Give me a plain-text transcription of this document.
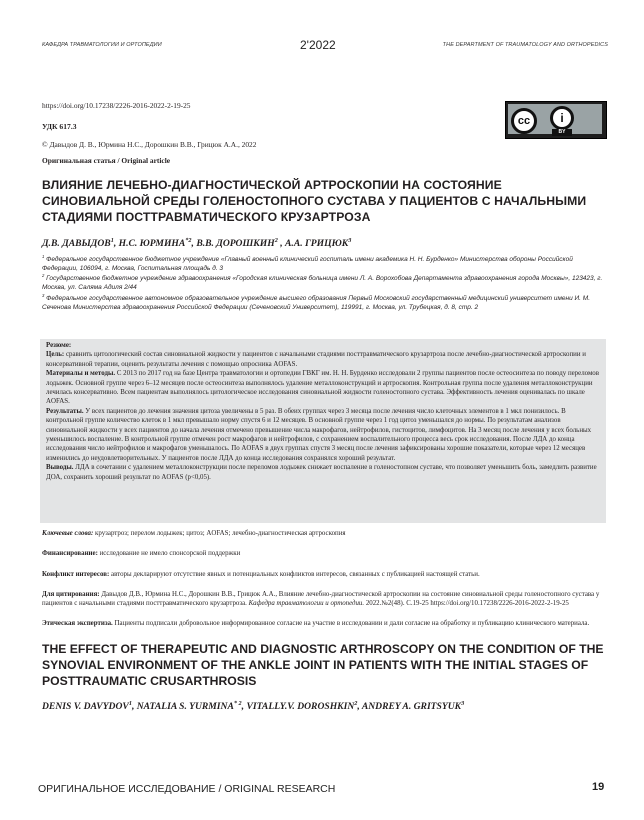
КАФЕДРА ТРАВМАТОЛОГИИ И ОРТОПЕДИИ	2'2022	THE DEPARTMENT OF TRAUMATOLOGY AND ORTHOPEDICS
https://doi.org/10.17238/2226-2016-2022-2-19-25
УДК 617.3
© Давыдов Д. В., Юрмина Н.С., Дорошкин В.В., Грицюк А.А., 2022
Оригинальная статья / Original article
cc	i
BY
ВЛИЯНИЕ ЛЕЧЕБНО-ДИАГНОСТИЧЕСКОЙ АРТРОСКОПИИ НА СОСТОЯНИЕ СИНОВИАЛЬНОЙ СРЕДЫ ГОЛЕНОСТОПНОГО СУСТАВА У ПАЦИЕНТОВ С НАЧАЛЬНЫМИ СТАДИЯМИ ПОСТТРАВМАТИЧЕСКОГО КРУЗАРТРОЗА
Д.В. ДАВЫДОВ$^1$, Н.С. ЮРМИНА$^{*2}$, В.В. ДОРОШКИН$^2$ , А.А. ГРИЦЮК$^3$
$^1$ Федеральное государственное бюджетное учреждение «Главный военный клинический госпиталь имени академика Н. Н. Бурденко» Министерства обороны Российской Федерации, 106094, г. Москва, Госпитальная площадь д. 3
$^2$ Государственное бюджетное учреждение здравоохранения «Городская клиническая больница имени Л. А. Ворохобова Департамента здравоохранения города Москвы», 123423, г. Москва, ул. Саляма Адиля 2/44
$^3$ Федеральное государственное автономное образовательное учреждение высшего образования Первый Московский государственный медицинский университет имени И. М. Сеченова Министерства здравоохранения Российской Федерации (Сеченовский Университет), 119991, г. Москва, ул. Трубецкая, д. 8, стр. 2

Резюме:

Цель: сравнить цитологический состав синовиальной жидкости у пациентов с начальными стадиями посттравматического крузартроза после лечебно-диагностической артроскопии и консервативной терапии, оценить результаты лечения с помощью опросника AOFAS.

Материалы и методы. С 2013 по 2017 год на базе Центра травматологии и ортопедии ГВКГ им. Н. Н. Бурденко исследовали 2 группы пациентов после остеосинтеза по поводу переломов лодыжек. Основной группе через 6–12 месяцев после остеосинтеза выполнялось удаление металлоконструкций и артроскопия. Контрольная группа после удаления металлоконструкции лечилась консервативно. Всем пациентам выполнялось цитологическое исследования синовиальной жидкости голеностопного сустава. Эффективность лечения оценивалась по шкале AOFAS.

Результаты. У всех пациентов до лечения значения цитоза увеличены в 5 раз. В обеих группах через 3 месяца после лечения число клеточных элементов в 1 мкл понизилось. В контрольной группе количество клеток в 1 мкл превышало норму спустя 6 и 12 месяцев. В основной группе через 1 год цитоз уменьшался до нормы. По результатам анализов синовиальной жидкости у всех пациентов до начала лечения отмечено превышение числа макрофагов, нейтрофилов, гистоцитов, лимфоцитов. На 3 месяц после лечения у всех больных уменьшилось воспаление. В контрольной группе отмечен рост макрофагов и нейтрофилов, с сохранением воспалительного процесса весь срок исследования. После ЛДА до конца исследования число нейтрофилов и макрофагов уменьшалось. По AOFAS в двух группах спустя 3 месяц после лечения зафиксированы хорошие показатели, которые через 12 месяцев изменились до неудовлетворительных. У пациентов после ЛДА до конца исследования сохранялся хороший результат.

Выводы. ЛДА в сочетании с удалением металлоконструкции после переломов лодыжек снижает воспаление в голеностопном суставе, что позволяет уменьшить боль, замедлить развитие ДОА, сохранить хороший результат по AOFAS (p<0,05).

Ключевые слова: крузартроз; перелом лодыжек; цитоз; AOFAS; лечебно-диагностическая артроскопия
Финансирование: исследование не имело спонсорской поддержки
Конфликт интересов: авторы декларируют отсутствие явных и потенциальных конфликтов интересов, связанных с публикацией настоящей статьи.
Для цитирования: Давыдов Д.В., Юрмина Н.С., Дорошкин В.В., Грицюк А.А., Влияние лечебно-диагностической артроскопии на состояние синовиальной среды голеностопного сустава у пациентов с начальными стадиями посттравматического крузартроза. Кафедра травматологии и ортопедии. 2022.№2(48). С.19-25 https://doi.org/10.17238/2226-2016-2022-2-19-25
Этическая экспертиза. Пациенты подписали добровольное информированное согласие на участие в исследовании и дали согласие на обработку и публикацию клинического материала.
THE EFFECT OF THERAPEUTIC AND DIAGNOSTIC ARTHROSCOPY ON THE CONDITION OF THE SYNOVIAL ENVIRONMENT OF THE ANKLE JOINT IN PATIENTS WITH THE INITIAL STAGES OF POSTTRAUMATIC CRUSARTHROSIS
DENIS V. DAVYDOV$^1$, NATALIA S. YURMINA$^{* 2}$, VITALLY.V. DOROSHKIN$^2$, ANDREY A. GRITSYUK$^3$
ОРИГИНАЛЬНОЕ ИССЛЕДОВАНИЕ / ORIGINAL RESEARCH	19
